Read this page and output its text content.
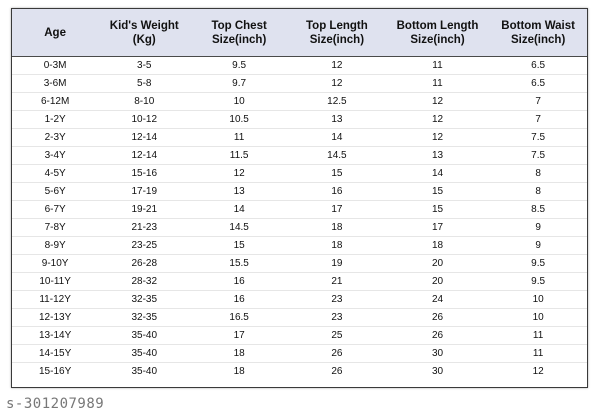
Age	Kid's Weight (Kg)	Top Chest Size(inch)	Top Length Size(inch)	Bottom Length Size(inch)	Bottom Waist Size(inch)
0-3M	3-5	9.5	12	11	6.5
3-6M	5-8	9.7	12	11	6.5
6-12M	8-10	10	12.5	12	7
1-2Y	10-12	10.5	13	12	7
2-3Y	12-14	11	14	12	7.5
3-4Y	12-14	11.5	14.5	13	7.5
4-5Y	15-16	12	15	14	8
5-6Y	17-19	13	16	15	8
6-7Y	19-21	14	17	15	8.5
7-8Y	21-23	14.5	18	17	9
8-9Y	23-25	15	18	18	9
9-10Y	26-28	15.5	19	20	9.5
10-11Y	28-32	16	21	20	9.5
11-12Y	32-35	16	23	24	10
12-13Y	32-35	16.5	23	26	10
13-14Y	35-40	17	25	26	11
14-15Y	35-40	18	26	30	11
15-16Y	35-40	18	26	30	12
s-301207989
